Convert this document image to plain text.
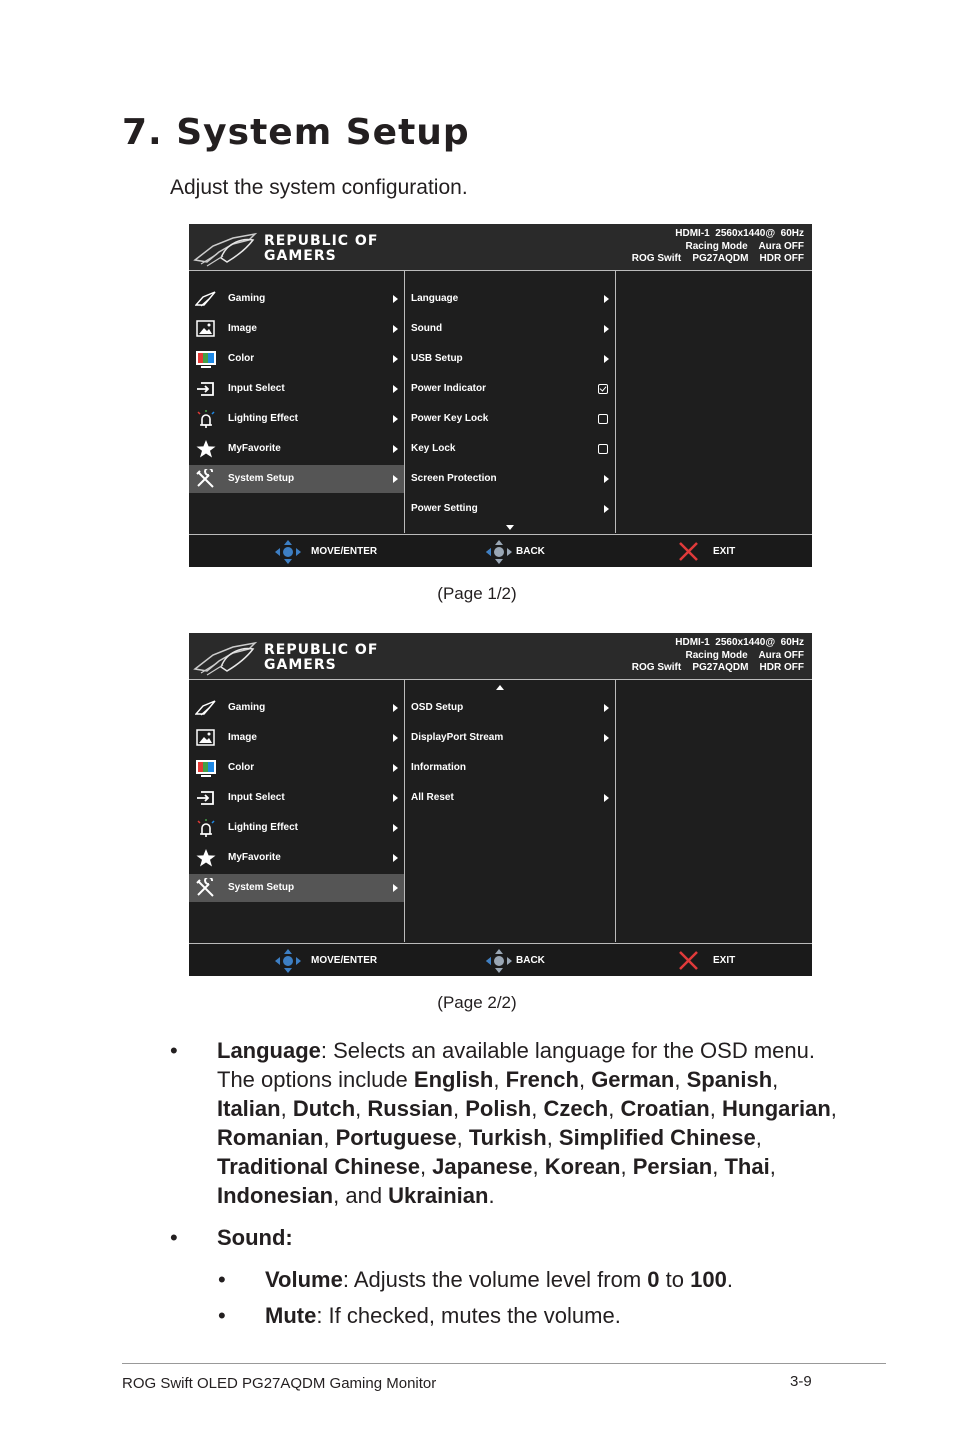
7. System Setup
Adjust the system configuration.
REPUBLIC OF
GAMERS
HDMI-1  2560x1440@  60Hz
Racing Mode    Aura OFF
ROG Swift    PG27AQDM    HDR OFF
Gaming
Image
Color
Input Select
Lighting Effect
MyFavorite
System Setup
Language
Sound
USB Setup
Power Indicator
Power Key Lock
Key Lock
Screen Protection
Power Setting
MOVE/ENTER	BACK	EXIT
(Page 1/2)
REPUBLIC OF
GAMERS
HDMI-1  2560x1440@  60Hz
Racing Mode    Aura OFF
ROG Swift    PG27AQDM    HDR OFF
Gaming
Image
Color
Input Select
Lighting Effect
MyFavorite
System Setup
OSD Setup
DisplayPort Stream
Information
All Reset
MOVE/ENTER	BACK	EXIT
(Page 2/2)
• Language: Selects an available language for the OSD menu. The options include English, French, German, Spanish, Italian, Dutch, Russian, Polish, Czech, Croatian, Hungarian, Romanian, Portuguese, Turkish, Simplified Chinese, Traditional Chinese, Japanese, Korean, Persian, Thai, Indonesian, and Ukrainian.
• Sound:
• Volume: Adjusts the volume level from 0 to 100.
• Mute: If checked, mutes the volume.
ROG Swift OLED PG27AQDM Gaming Monitor	3-9
